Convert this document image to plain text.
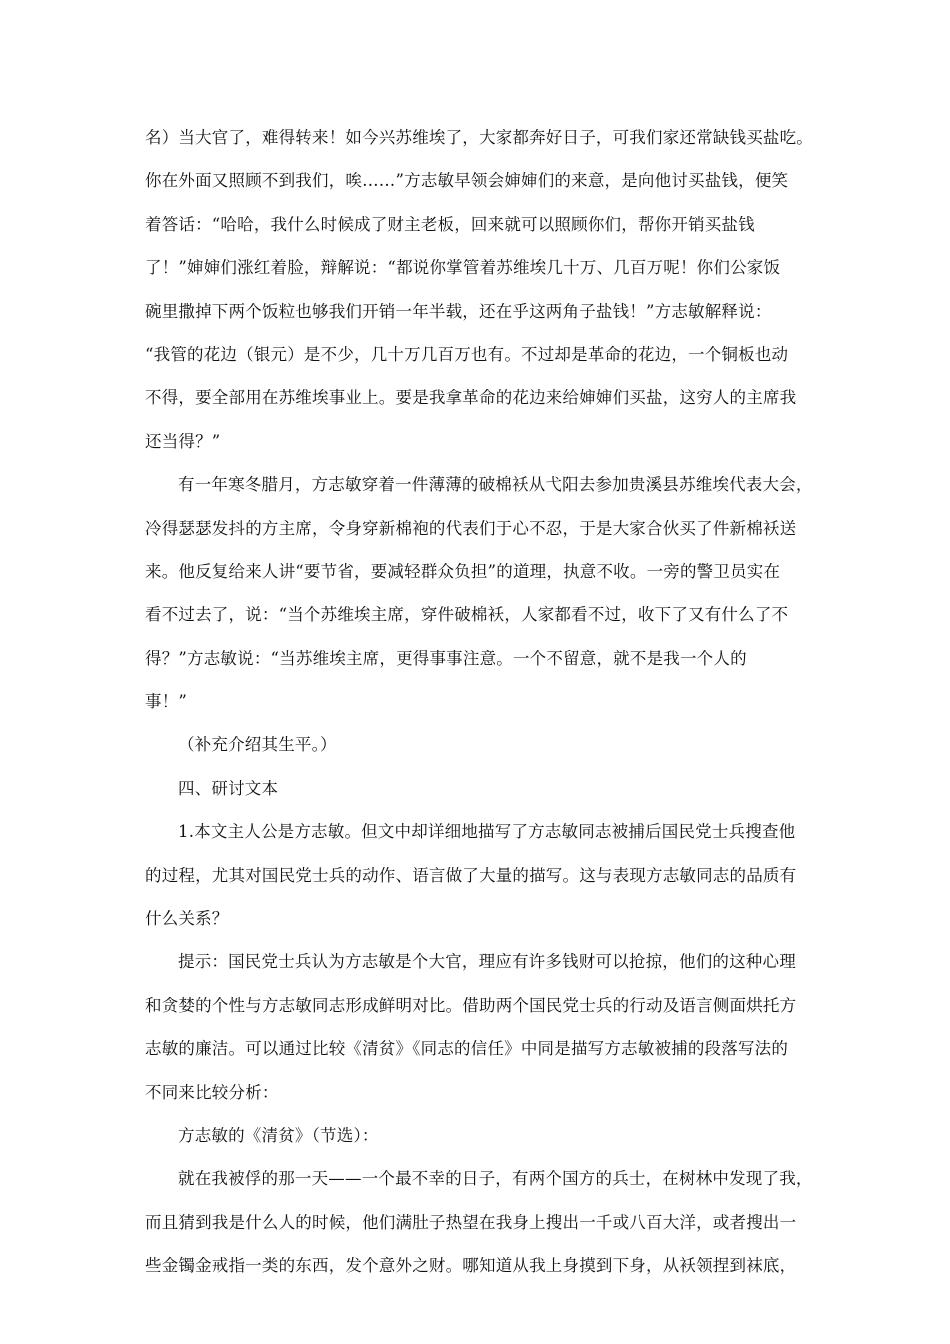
名）当大官了，难得转来！如今兴苏维埃了，大家都奔好日子，可我们家还常缺钱买盐吃。
你在外面又照顾不到我们，唉……”方志敏早领会婶婶们的来意，是向他讨买盐钱，便笑
着答话：“哈哈，我什么时候成了财主老板，回来就可以照顾你们，帮你开销买盐钱
了！”婶婶们涨红着脸，辩解说：“都说你掌管着苏维埃几十万、几百万呢！你们公家饭
碗里撒掉下两个饭粒也够我们开销一年半载，还在乎这两角子盐钱！”方志敏解释说：
“我管的花边（银元）是不少，几十万几百万也有。不过却是革命的花边，一个铜板也动
不得，要全部用在苏维埃事业上。要是我拿革命的花边来给婶婶们买盐，这穷人的主席我
还当得？”
有一年寒冬腊月，方志敏穿着一件薄薄的破棉袄从弋阳去参加贵溪县苏维埃代表大会，
冷得瑟瑟发抖的方主席，令身穿新棉袍的代表们于心不忍，于是大家合伙买了件新棉袄送
来。他反复给来人讲“要节省，要减轻群众负担”的道理，执意不收。一旁的警卫员实在
看不过去了，说：“当个苏维埃主席，穿件破棉袄，人家都看不过，收下了又有什么了不
得？”方志敏说：“当苏维埃主席，更得事事注意。一个不留意，就不是我一个人的
事！”
（补充介绍其生平。）
四、研讨文本
1.本文主人公是方志敏。但文中却详细地描写了方志敏同志被捕后国民党士兵搜查他
的过程，尤其对国民党士兵的动作、语言做了大量的描写。这与表现方志敏同志的品质有
什么关系？
提示：国民党士兵认为方志敏是个大官，理应有许多钱财可以抢掠，他们的这种心理
和贪婪的个性与方志敏同志形成鲜明对比。借助两个国民党士兵的行动及语言侧面烘托方
志敏的廉洁。可以通过比较《清贫》《同志的信任》中同是描写方志敏被捕的段落写法的
不同来比较分析：
方志敏的《清贫》（节选）：
就在我被俘的那一天——一个最不幸的日子，有两个国方的兵士，在树林中发现了我，
而且猜到我是什么人的时候，他们满肚子热望在我身上搜出一千或八百大洋，或者搜出一
些金镯金戒指一类的东西，发个意外之财。哪知道从我上身摸到下身，从袄领捏到袜底，
